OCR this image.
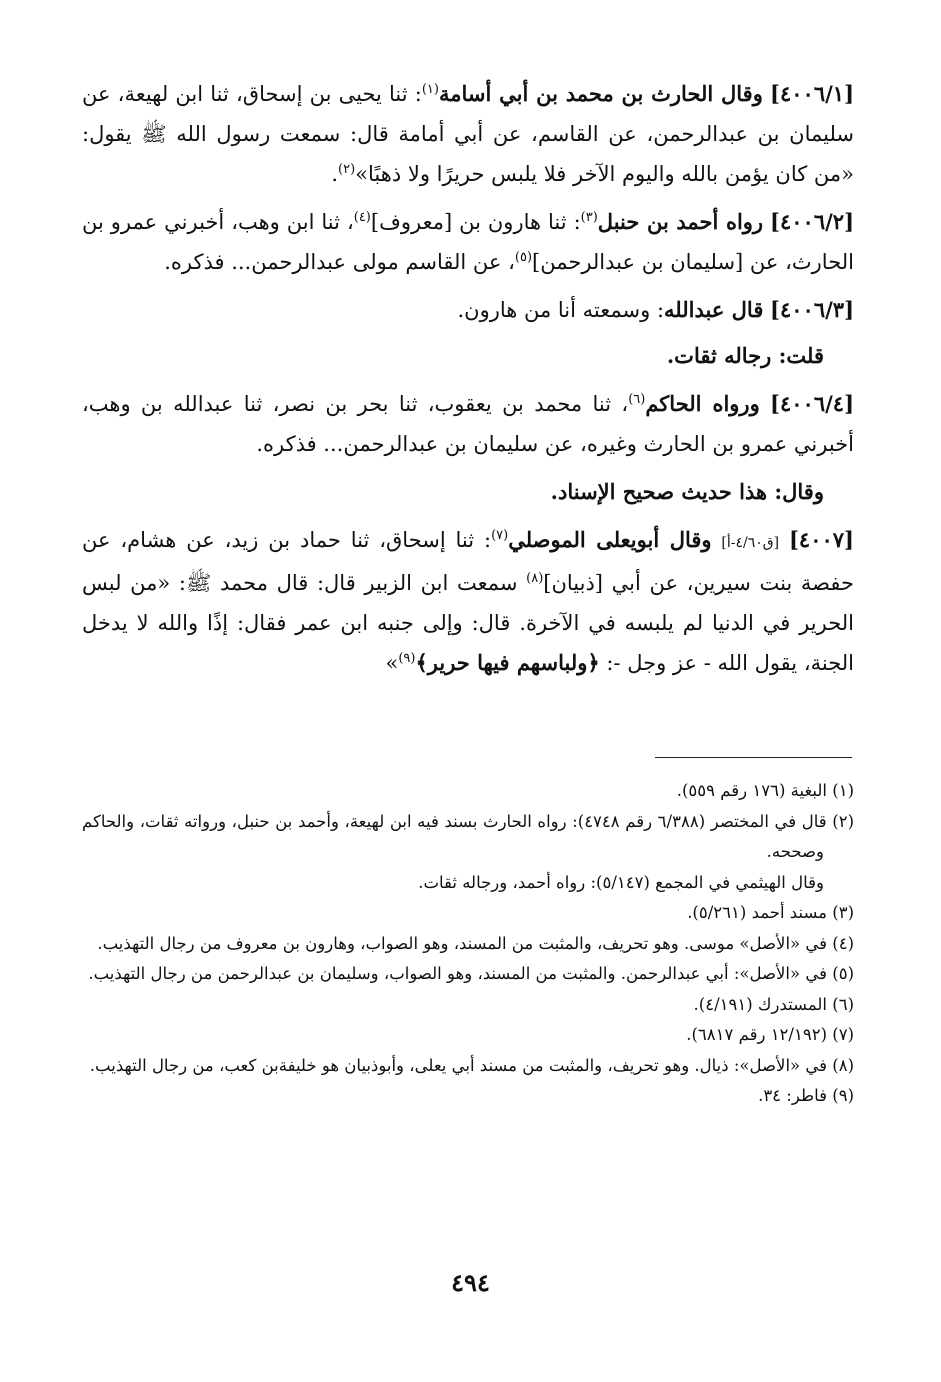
[٤٠٠٦/١] وقال الحارث بن محمد بن أبي أسامة$^{(١)}$: ثنا يحيى بن إسحاق، ثنا ابن لهيعة، عن سليمان بن عبدالرحمن، عن القاسم، عن أبي أمامة قال: سمعت رسول الله ﷺ يقول: «من كان يؤمن بالله واليوم الآخر فلا يلبس حريرًا ولا ذهبًا»$^{(٢)}$.

[٤٠٠٦/٢] رواه أحمد بن حنبل$^{(٣)}$: ثنا هارون بن [معروف]$^{(٤)}$، ثنا ابن وهب، أخبرني عمرو بن الحارث، عن [سليمان بن عبدالرحمن]$^{(٥)}$، عن القاسم مولى عبدالرحمن... فذكره.

[٤٠٠٦/٣] قال عبدالله: وسمعته أنا من هارون.

قلت: رجاله ثقات.

[٤٠٠٦/٤] ورواه الحاكم$^{(٦)}$، ثنا محمد بن يعقوب، ثنا بحر بن نصر، ثنا عبدالله بن وهب، أخبرني عمرو بن الحارث وغيره، عن سليمان بن عبدالرحمن... فذكره.

وقال: هذا حديث صحيح الإسناد.

[٤٠٠٧] [ق٤/٦٠-أ] وقال أبويعلى الموصلي$^{(٧)}$: ثنا إسحاق، ثنا حماد بن زيد، عن هشام، عن حفصة بنت سيرين، عن أبي [ذبيان]$^{(٨)}$ سمعت ابن الزبير قال: قال محمد ﷺ: «من لبس الحرير في الدنيا لم يلبسه في الآخرة. قال: وإلى جنبه ابن عمر فقال: إذًا والله لا يدخل الجنة، يقول الله - عز وجل -: ﴿ولباسهم فيها حرير﴾$^{(٩)}$»

(١) البغية (١٧٦ رقم ٥٥٩).

(٢) قال في المختصر (٦/٣٨٨ رقم ٤٧٤٨): رواه الحارث بسند فيه ابن لهيعة، وأحمد بن حنبل، ورواته ثقات، والحاكم وصححه.

وقال الهيثمي في المجمع (٥/١٤٧): رواه أحمد، ورجاله ثقات.

(٣) مسند أحمد (٥/٢٦١).

(٤) في «الأصل» موسى. وهو تحريف، والمثبت من المسند، وهو الصواب، وهارون بن معروف من رجال التهذيب.

(٥) في «الأصل»: أبي عبدالرحمن. والمثبت من المسند، وهو الصواب، وسليمان بن عبدالرحمن من رجال التهذيب.

(٦) المستدرك (٤/١٩١).

(٧) (١٢/١٩٢ رقم ٦٨١٧).

(٨) في «الأصل»: ذيال. وهو تحريف، والمثبت من مسند أبي يعلى، وأبوذبيان هو خليفةبن كعب، من رجال التهذيب.

(٩) فاطر: ٣٤.

٤٩٤
